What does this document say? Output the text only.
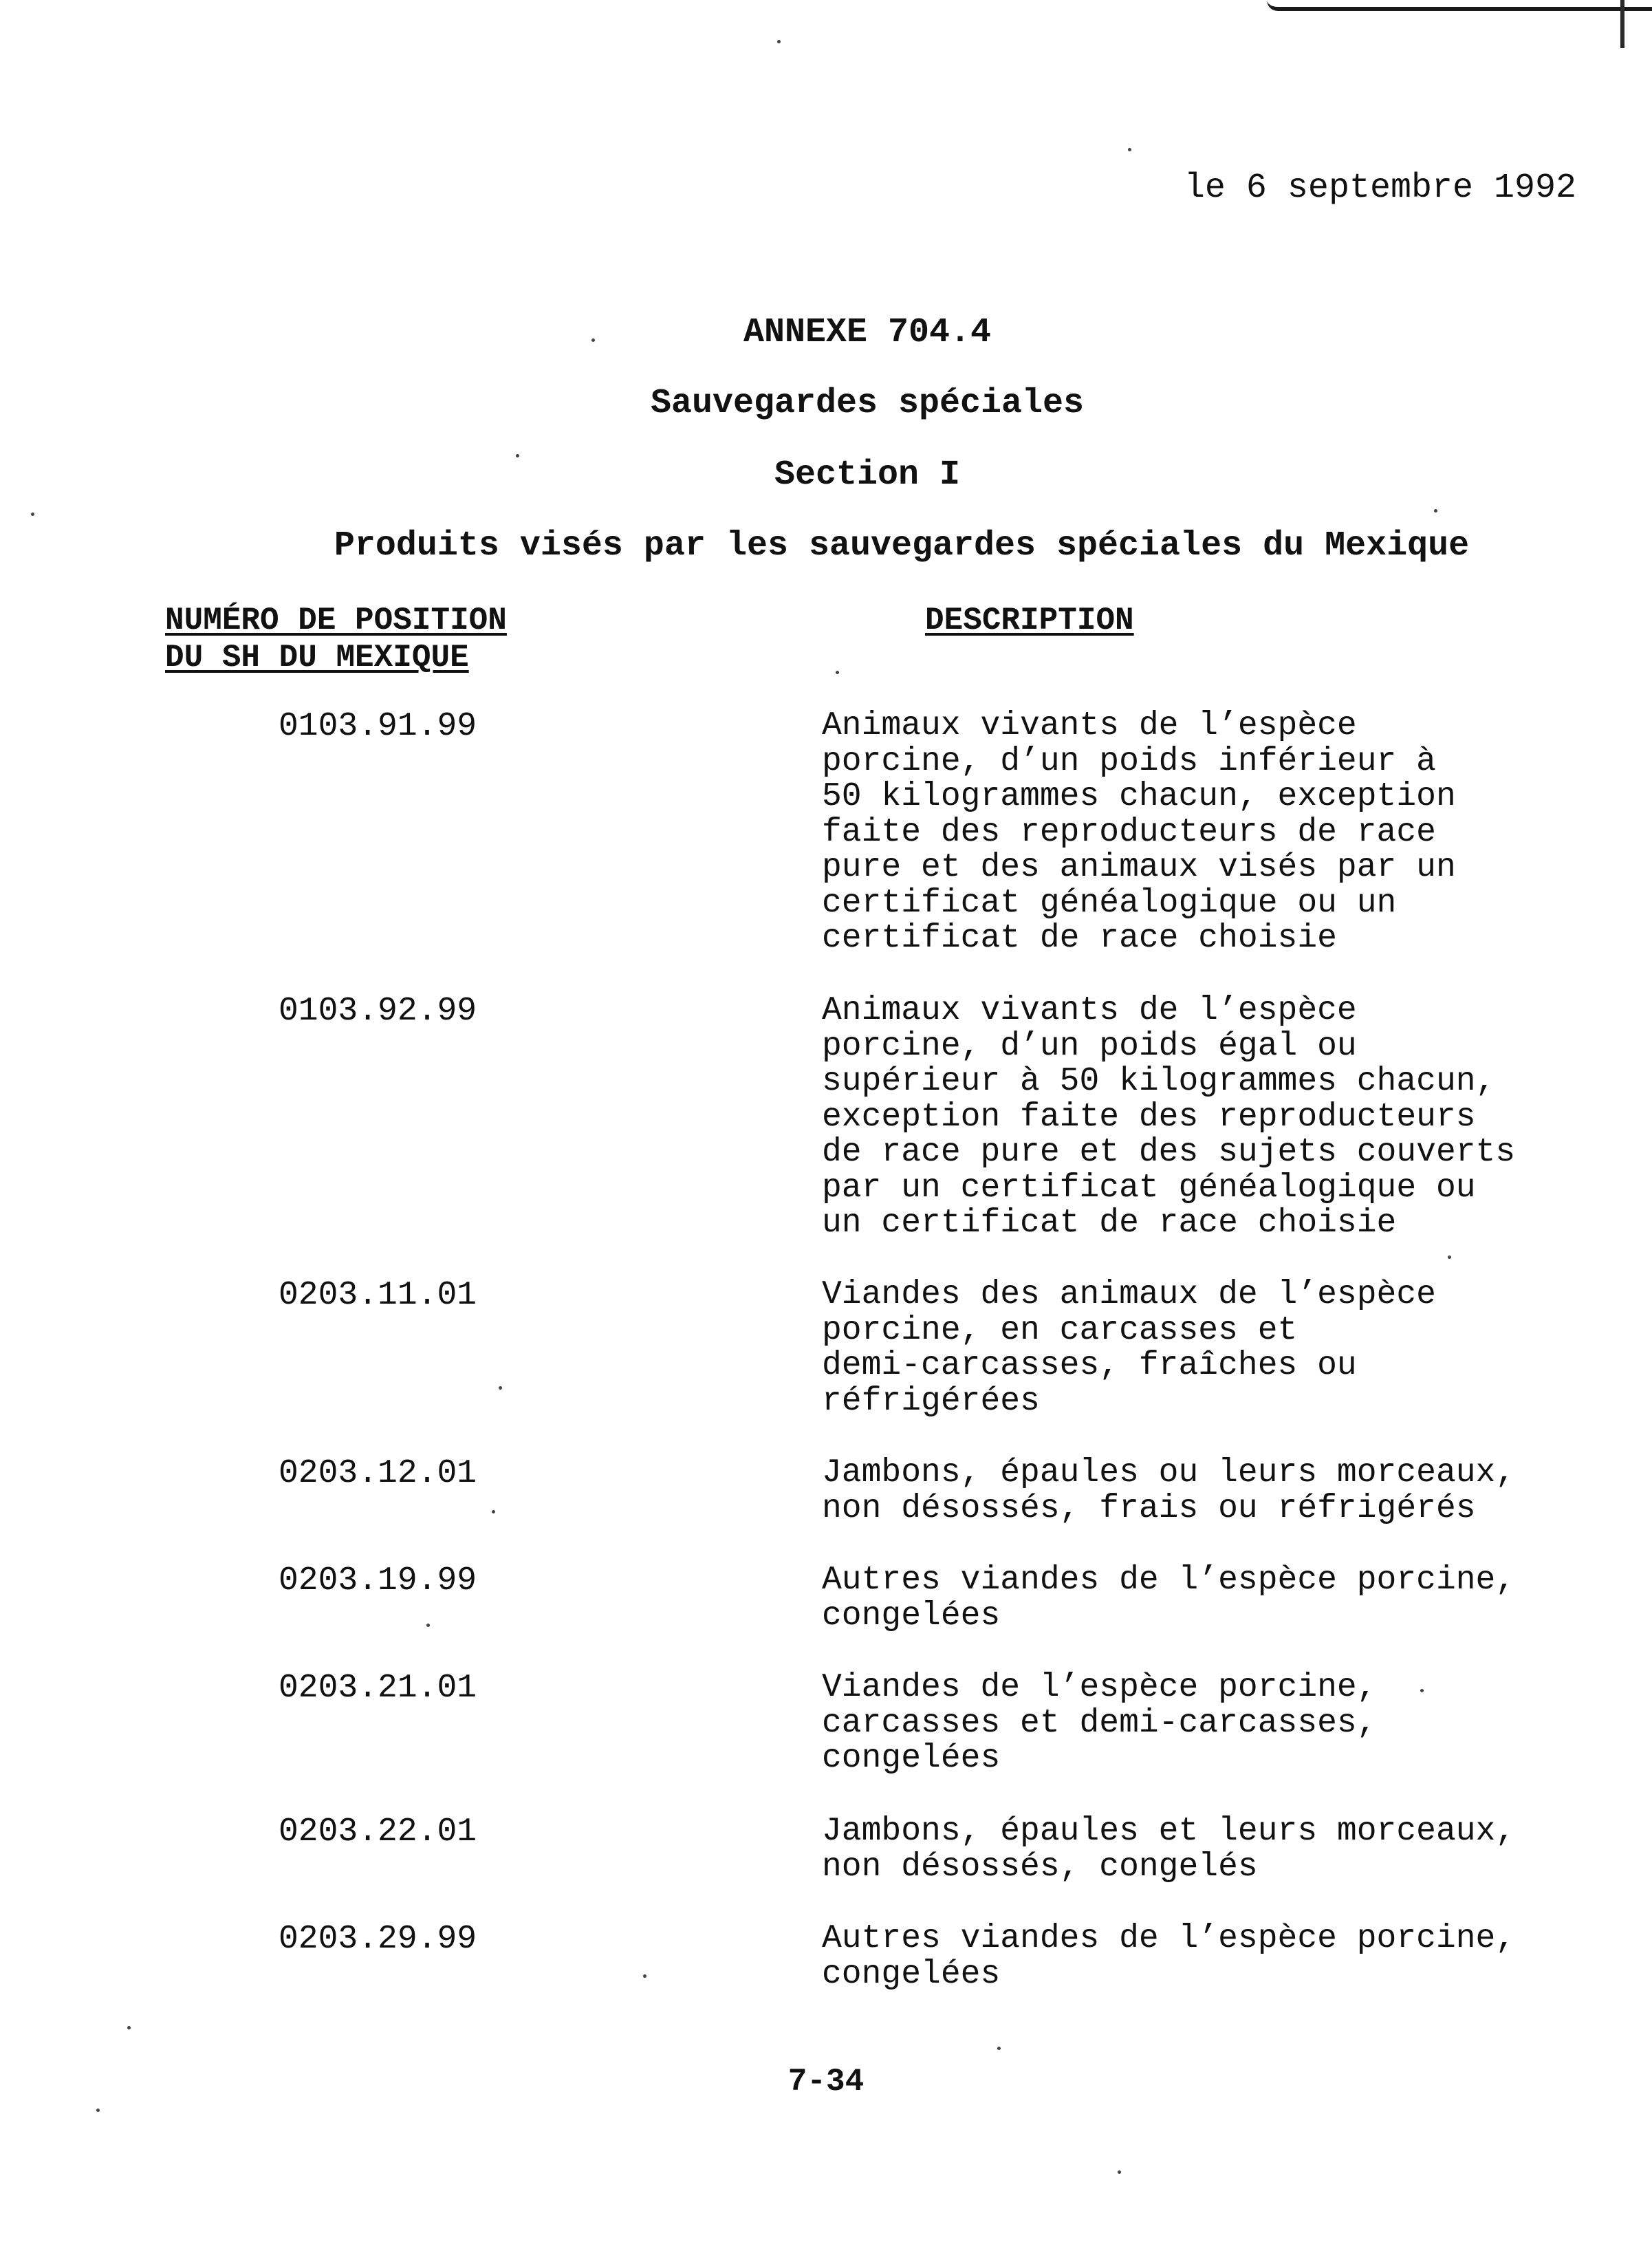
le 6 septembre 1992
ANNEXE 704.4
Sauvegardes spéciales
Section I
Produits visés par les sauvegardes spéciales du Mexique
NUMÉRO DE POSITION
DU SH DU MEXIQUE
DESCRIPTION
0103.91.99	Animaux vivants de l’espèce
porcine, d’un poids inférieur à
50 kilogrammes chacun, exception
faite des reproducteurs de race
pure et des animaux visés par un
certificat généalogique ou un
certificat de race choisie
0103.92.99	Animaux vivants de l’espèce
porcine, d’un poids égal ou
supérieur à 50 kilogrammes chacun,
exception faite des reproducteurs
de race pure et des sujets couverts
par un certificat généalogique ou
un certificat de race choisie
0203.11.01	Viandes des animaux de l’espèce
porcine, en carcasses et
demi-carcasses, fraîches ou
réfrigérées
0203.12.01	Jambons, épaules ou leurs morceaux,
non désossés, frais ou réfrigérés
0203.19.99	Autres viandes de l’espèce porcine,
congelées
0203.21.01	Viandes de l’espèce porcine,
carcasses et demi-carcasses,
congelées
0203.22.01	Jambons, épaules et leurs morceaux,
non désossés, congelés
0203.29.99	Autres viandes de l’espèce porcine,
congelées
7-34
